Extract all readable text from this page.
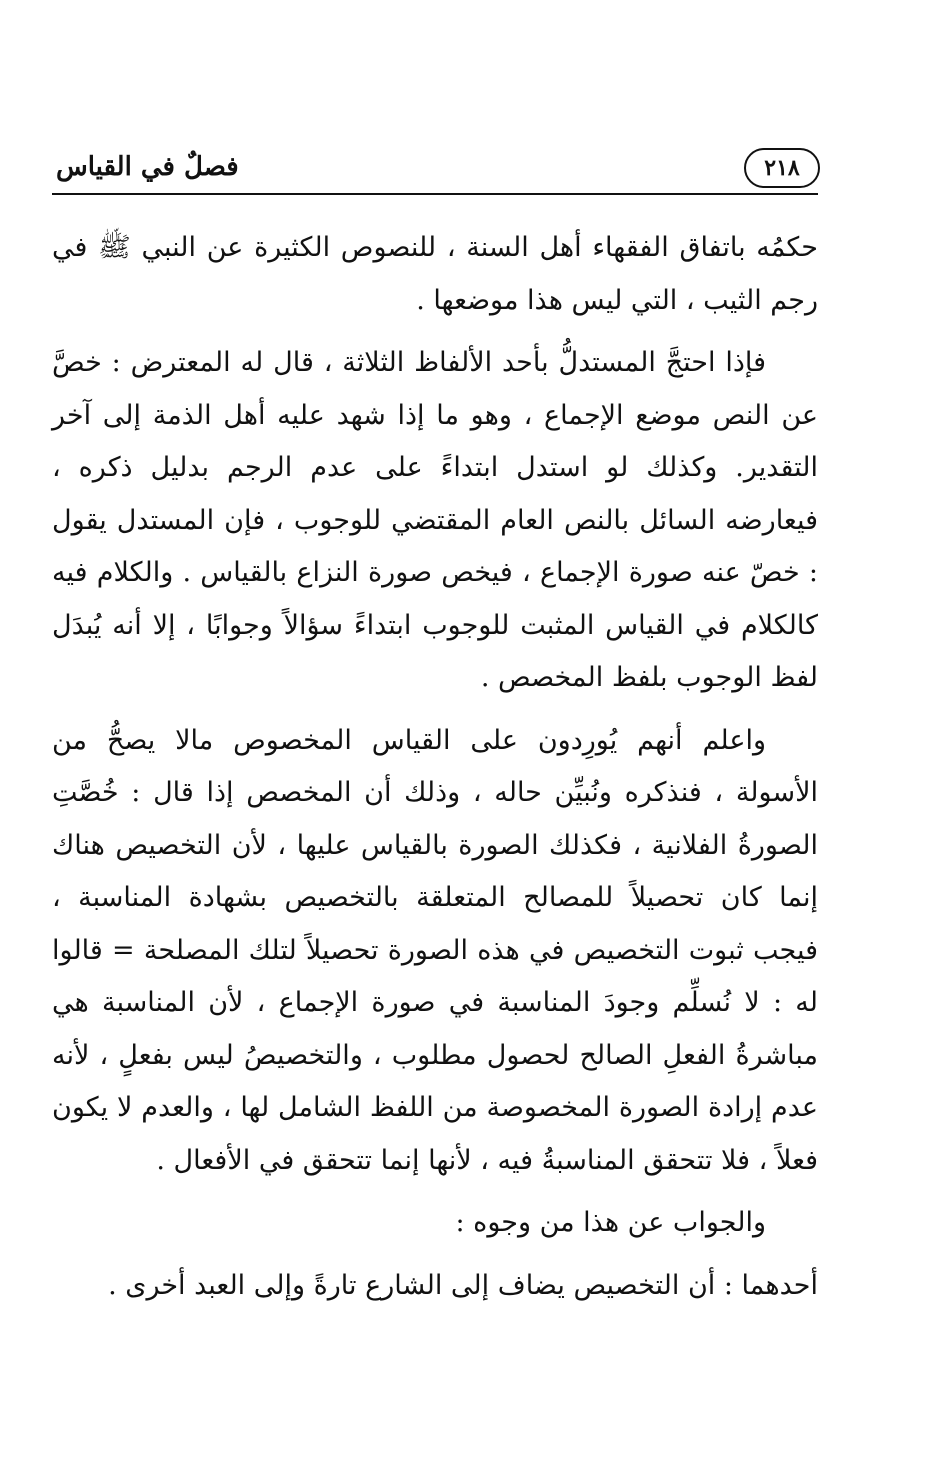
٢١٨
فصلٌ في القياس

حكمُه باتفاق الفقهاء أهل السنة ، للنصوص الكثيرة عن النبي ﷺ في رجم الثيب ، التي ليس هذا موضعها .

فإذا احتجَّ المستدلُّ بأحد الألفاظ الثلاثة ، قال له المعترض : خصَّ عن النص موضع الإجماع ، وهو ما إذا شهد عليه أهل الذمة إلى آخر التقدير. وكذلك لو استدل ابتداءً على عدم الرجم بدليل ذكره ، فيعارضه السائل بالنص العام المقتضي للوجوب ، فإن المستدل يقول : خصّ عنه صورة الإجماع ، فيخص صورة النزاع بالقياس . والكلام فيه كالكلام في القياس المثبت للوجوب ابتداءً سؤالاً وجوابًا ، إلا أنه يُبدَل لفظ الوجوب بلفظ المخصص .

واعلم أنهم يُورِدون على القياس المخصوص مالا يصحُّ من الأسولة ، فنذكره ونُبيِّن حاله ، وذلك أن المخصص إذا قال : خُصَّتِ الصورةُ الفلانية ، فكذلك الصورة بالقياس عليها ، لأن التخصيص هناك إنما كان تحصيلاً للمصالح المتعلقة بالتخصيص بشهادة المناسبة ، فيجب ثبوت التخصيص في هذه الصورة تحصيلاً لتلك المصلحة = قالوا له : لا نُسلِّم وجودَ المناسبة في صورة الإجماع ، لأن المناسبة هي مباشرةُ الفعلِ الصالح لحصول مطلوب ، والتخصيصُ ليس بفعلٍ ، لأنه عدم إرادة الصورة المخصوصة من اللفظ الشامل لها ، والعدم لا يكون فعلاً ، فلا تتحقق المناسبةُ فيه ، لأنها إنما تتحقق في الأفعال .

والجواب عن هذا من وجوه :

أحدهما : أن التخصيص يضاف إلى الشارع تارةً وإلى العبد أخرى .
